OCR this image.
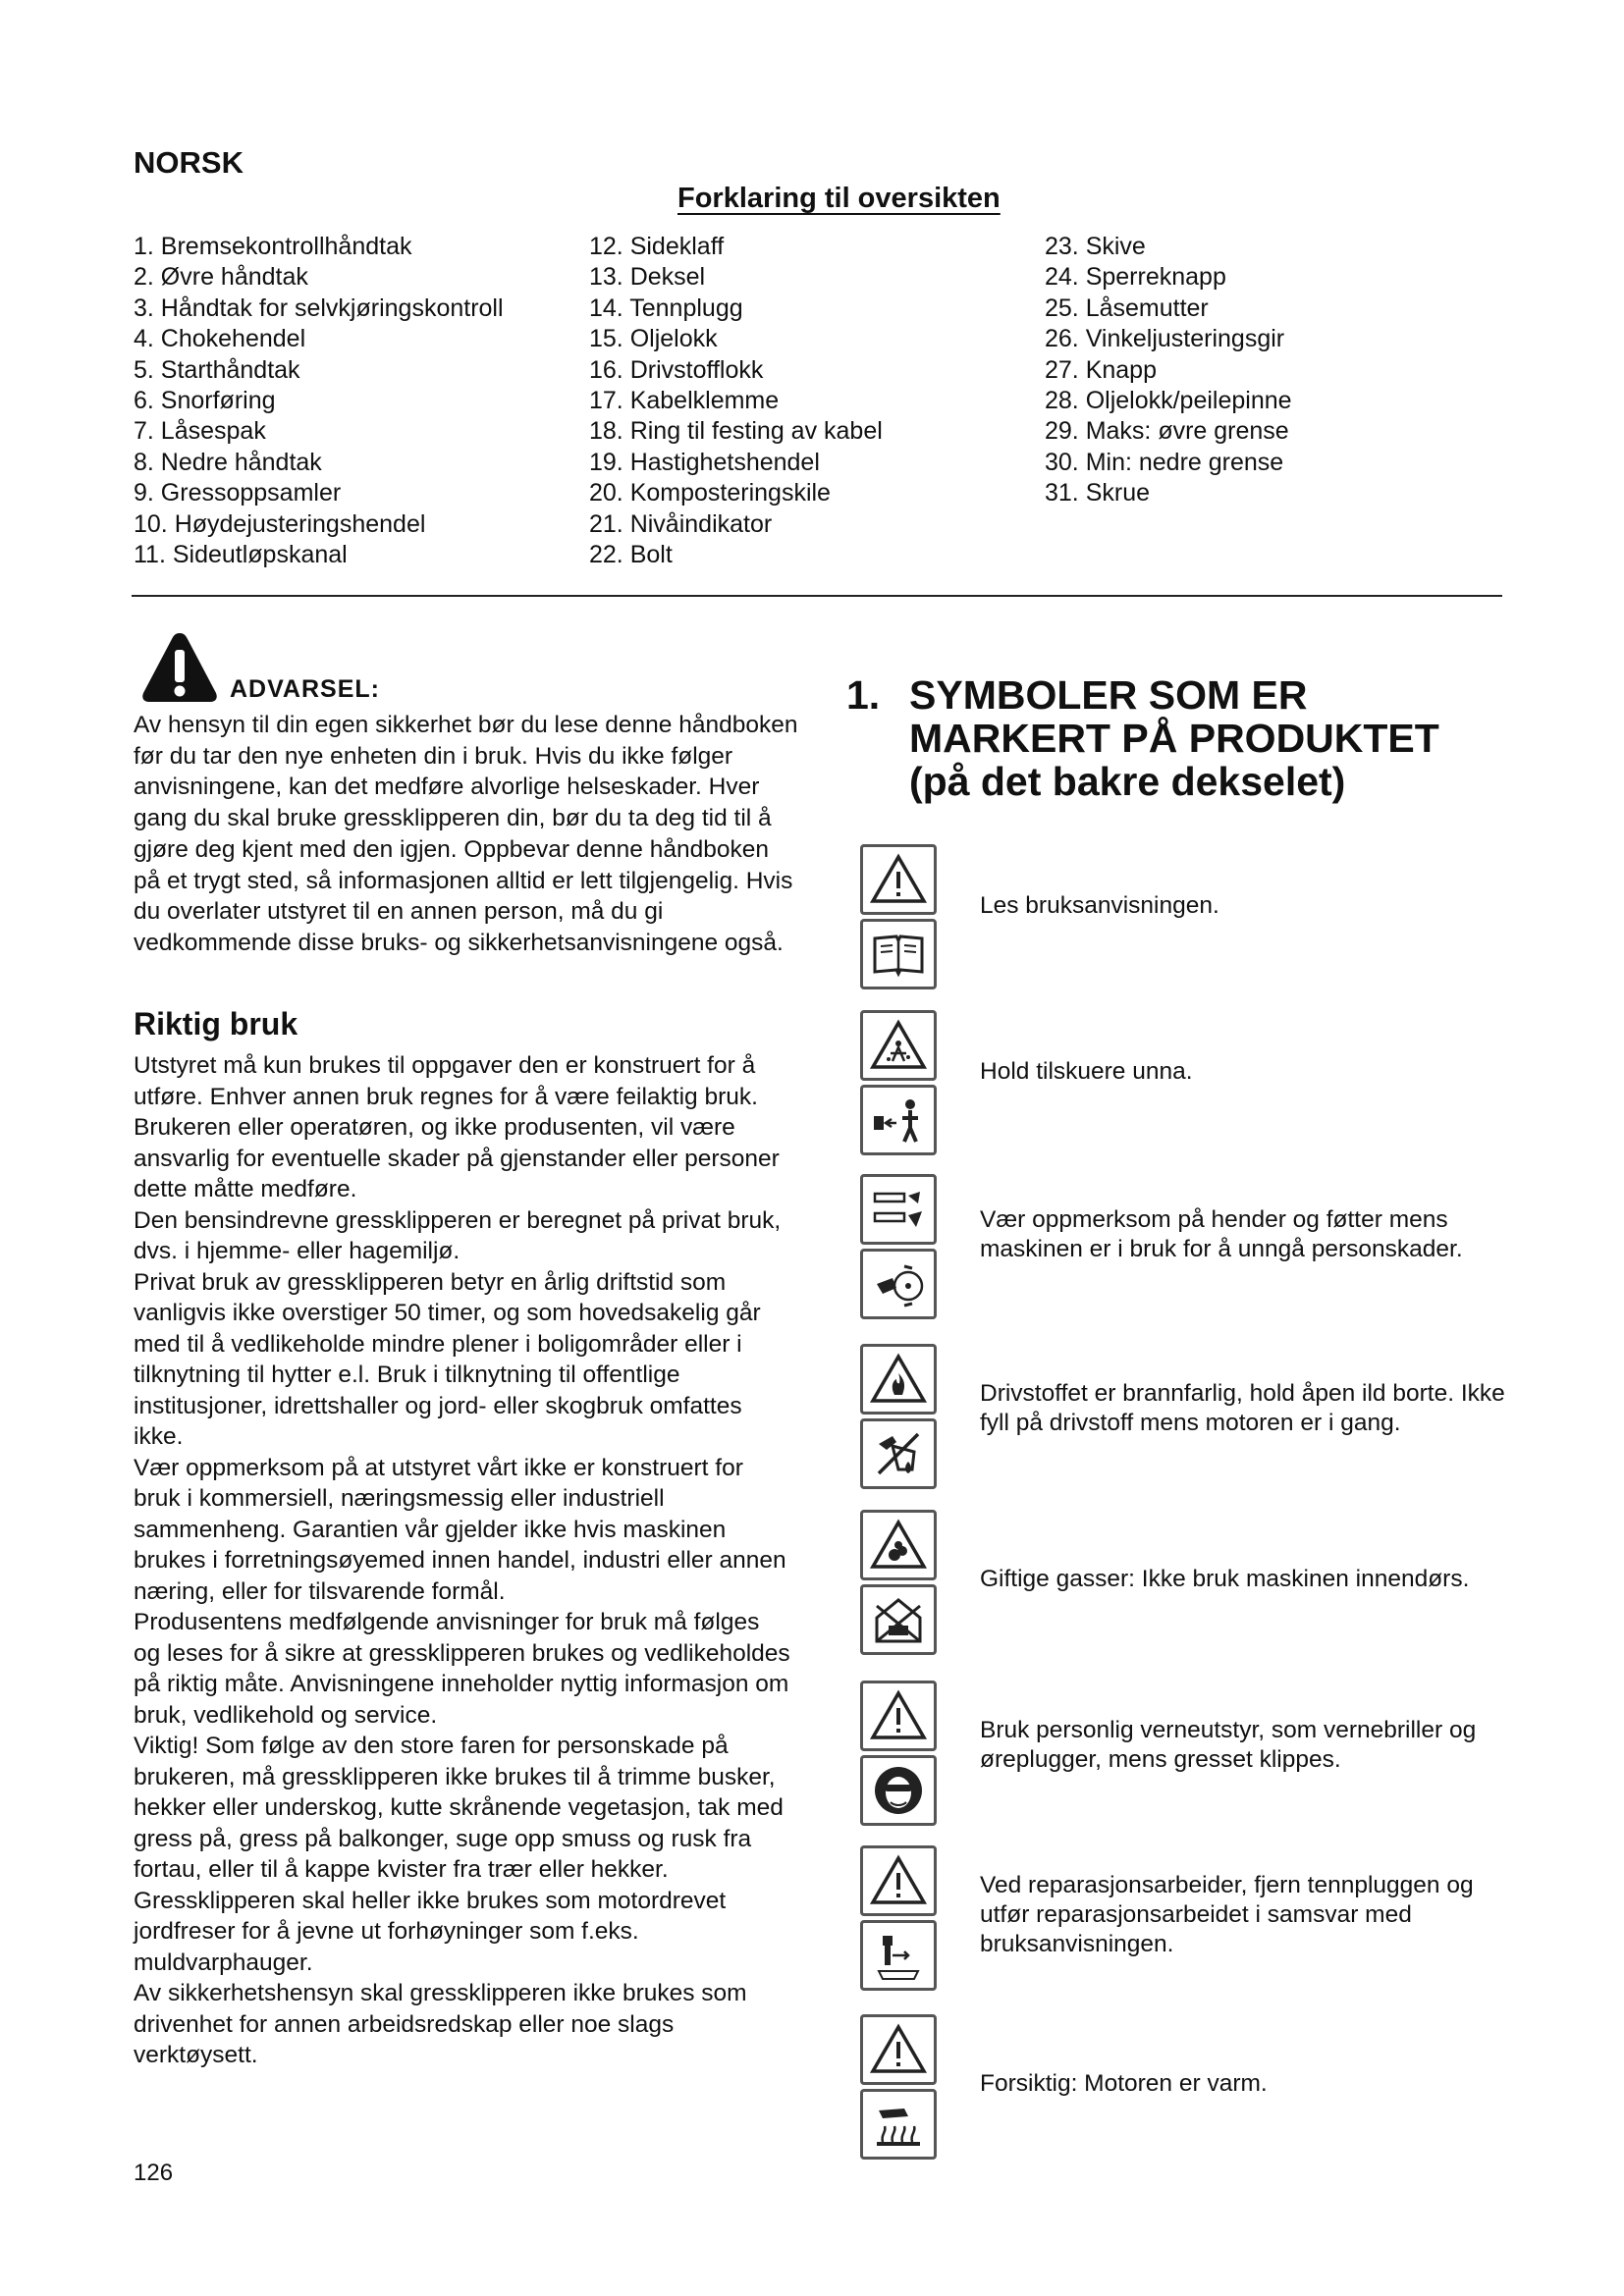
NORSK
Forklaring til oversikten
1. Bremsekontrollhåndtak
2. Øvre håndtak
3. Håndtak for selvkjøringskontroll
4. Chokehendel
5. Starthåndtak
6. Snorføring
7. Låsespak
8. Nedre håndtak
9. Gressoppsamler
10. Høydejusteringshendel
11. Sideutløpskanal
12. Sideklaff
13. Deksel
14. Tennplugg
15. Oljelokk
16. Drivstofflokk
17. Kabelklemme
18. Ring til festing av kabel
19. Hastighetshendel
20. Komposteringskile
21. Nivåindikator
22. Bolt
23. Skive
24. Sperreknapp
25. Låsemutter
26. Vinkeljusteringsgir
27. Knapp
28. Oljelokk/peilepinne
29. Maks: øvre grense
30. Min: nedre grense
31. Skrue
ADVARSEL:
Av hensyn til din egen sikkerhet bør du lese denne håndboken før du tar den nye enheten din i bruk. Hvis du ikke følger anvisningene, kan det medføre alvorlige helseskader. Hver gang du skal bruke gressklipperen din, bør du ta deg tid til å gjøre deg kjent med den igjen. Oppbevar denne håndboken på et trygt sted, så informasjonen alltid er lett tilgjengelig. Hvis du overlater utstyret til en annen person, må du gi vedkommende disse bruks- og sikkerhetsanvisningene også.
Riktig bruk

Utstyret må kun brukes til oppgaver den er konstruert for å utføre. Enhver annen bruk regnes for å være feilaktig bruk. Brukeren eller operatøren, og ikke produsenten, vil være ansvarlig for eventuelle skader på gjenstander eller personer dette måtte medføre.

Den bensindrevne gressklipperen er beregnet på privat bruk, dvs. i hjemme- eller hagemiljø.

Privat bruk av gressklipperen betyr en årlig driftstid som vanligvis ikke overstiger 50 timer, og som hovedsakelig går med til å vedlikeholde mindre plener i boligområder eller i tilknytning til hytter e.l. Bruk i tilknytning til offentlige institusjoner, idrettshaller og jord- eller skogbruk omfattes ikke.

Vær oppmerksom på at utstyret vårt ikke er konstruert for bruk i kommersiell, næringsmessig eller industriell sammenheng. Garantien vår gjelder ikke hvis maskinen brukes i forretningsøyemed innen handel, industri eller annen næring, eller for tilsvarende formål.

Produsentens medfølgende anvisninger for bruk må følges og leses for å sikre at gressklipperen brukes og vedlikeholdes på riktig måte. Anvisningene inneholder nyttig informasjon om bruk, vedlikehold og service.

Viktig! Som følge av den store faren for personskade på brukeren, må gressklipperen ikke brukes til å trimme busker, hekker eller underskog, kutte skrånende vegetasjon, tak med gress på, gress på balkonger, suge opp smuss og rusk fra fortau, eller til å kappe kvister fra trær eller hekker.

Gressklipperen skal heller ikke brukes som motordrevet jordfreser for å jevne ut forhøyninger som f.eks. muldvarphauger.

Av sikkerhetshensyn skal gressklipperen ikke brukes som drivenhet for annen arbeidsredskap eller noe slags verktøysett.

1. SYMBOLER SOM ER
MARKERT PÅ PRODUKTET
(på det bakre dekselet)
Les bruksanvisningen.
Hold tilskuere unna.
Vær oppmerksom på hender og føtter mens maskinen er i bruk for å unngå personskader.
Drivstoffet er brannfarlig, hold åpen ild borte. Ikke fyll på drivstoff mens motoren er i gang.
Giftige gasser: Ikke bruk maskinen innendørs.
Bruk personlig verneutstyr, som vernebriller og øreplugger, mens gresset klippes.
Ved reparasjonsarbeider, fjern tennpluggen og utfør reparasjonsarbeidet i samsvar med bruksanvisningen.
Forsiktig: Motoren er varm.
126
